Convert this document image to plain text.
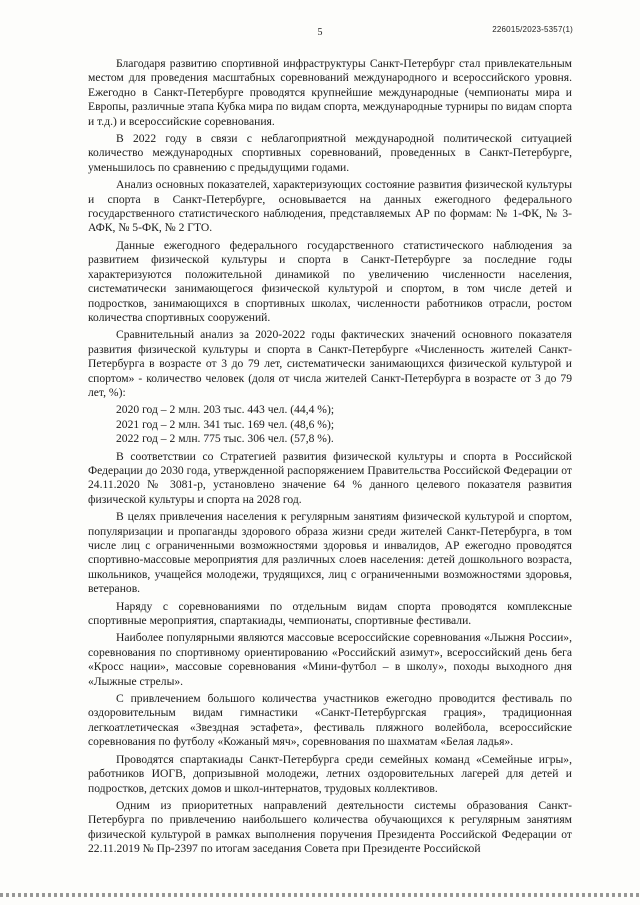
5	226015/2023-5357(1)

Благодаря развитию спортивной инфраструктуры Санкт-Петербург стал привлекательным местом для проведения масштабных соревнований международного и всероссийского уровня. Ежегодно в Санкт-Петербурге проводятся крупнейшие международные (чемпионаты мира и Европы, различные этапа Кубка мира по видам спорта, международные турниры по видам спорта и т.д.) и всероссийские соревнования.

В 2022 году в связи с неблагоприятной международной политической ситуацией количество международных спортивных соревнований, проведенных в Санкт-Петербурге, уменьшилось по сравнению с предыдущими годами.

Анализ основных показателей, характеризующих состояние развития физической культуры и спорта в Санкт-Петербурге, основывается на данных ежегодного федерального государственного статистического наблюдения, представляемых АР по формам: № 1-ФК, № 3-АФК, № 5-ФК, № 2 ГТО.

Данные ежегодного федерального государственного статистического наблюдения за развитием физической культуры и спорта в Санкт-Петербурге за последние годы характеризуются положительной динамикой по увеличению численности населения, систематически занимающегося физической культурой и спортом, в том числе детей и подростков, занимающихся в спортивных школах, численности работников отрасли, ростом количества спортивных сооружений.

Сравнительный анализ за 2020-2022 годы фактических значений основного показателя развития физической культуры и спорта в Санкт-Петербурге «Численность жителей Санкт-Петербурга в возрасте от 3 до 79 лет, систематически занимающихся физической культурой и спортом» - количество человек (доля от числа жителей Санкт-Петербурга в возрасте от 3 до 79 лет, %):

2020 год – 2 млн. 203 тыс. 443 чел. (44,4 %);

2021 год – 2 млн. 341 тыс. 169 чел. (48,6 %);

2022 год – 2 млн. 775 тыс. 306 чел. (57,8 %).

В соответствии со Стратегией развития физической культуры и спорта в Российской Федерации до 2030 года, утвержденной распоряжением Правительства Российской Федерации от 24.11.2020 № 3081-р, установлено значение 64 % данного целевого показателя развития физической культуры и спорта на 2028 год.

В целях привлечения населения к регулярным занятиям физической культурой и спортом, популяризации и пропаганды здорового образа жизни среди жителей Санкт-Петербурга, в том числе лиц с ограниченными возможностями здоровья и инвалидов, АР ежегодно проводятся спортивно-массовые мероприятия для различных слоев населения: детей дошкольного возраста, школьников, учащейся молодежи, трудящихся, лиц с ограниченными возможностями здоровья, ветеранов.

Наряду с соревнованиями по отдельным видам спорта проводятся комплексные спортивные мероприятия, спартакиады, чемпионаты, спортивные фестивали.

Наиболее популярными являются массовые всероссийские соревнования «Лыжня России», соревнования по спортивному ориентированию «Российский азимут», всероссийский день бега «Кросс нации», массовые соревнования «Мини-футбол – в школу», походы выходного дня «Лыжные стрелы».

С привлечением большого количества участников ежегодно проводится фестиваль по оздоровительным видам гимнастики «Санкт-Петербургская грация», традиционная легкоатлетическая «Звездная эстафета», фестиваль пляжного волейбола, всероссийские соревнования по футболу «Кожаный мяч», соревнования по шахматам «Белая ладья».

Проводятся спартакиады Санкт-Петербурга среди семейных команд «Семейные игры», работников ИОГВ, допризывной молодежи, летних оздоровительных лагерей для детей и подростков, детских домов и школ-интернатов, трудовых коллективов.

Одним из приоритетных направлений деятельности системы образования Санкт-Петербурга по привлечению наибольшего количества обучающихся к регулярным занятиям физической культурой в рамках выполнения поручения Президента Российской Федерации от 22.11.2019 № Пр-2397 по итогам заседания Совета при Президенте Российской
